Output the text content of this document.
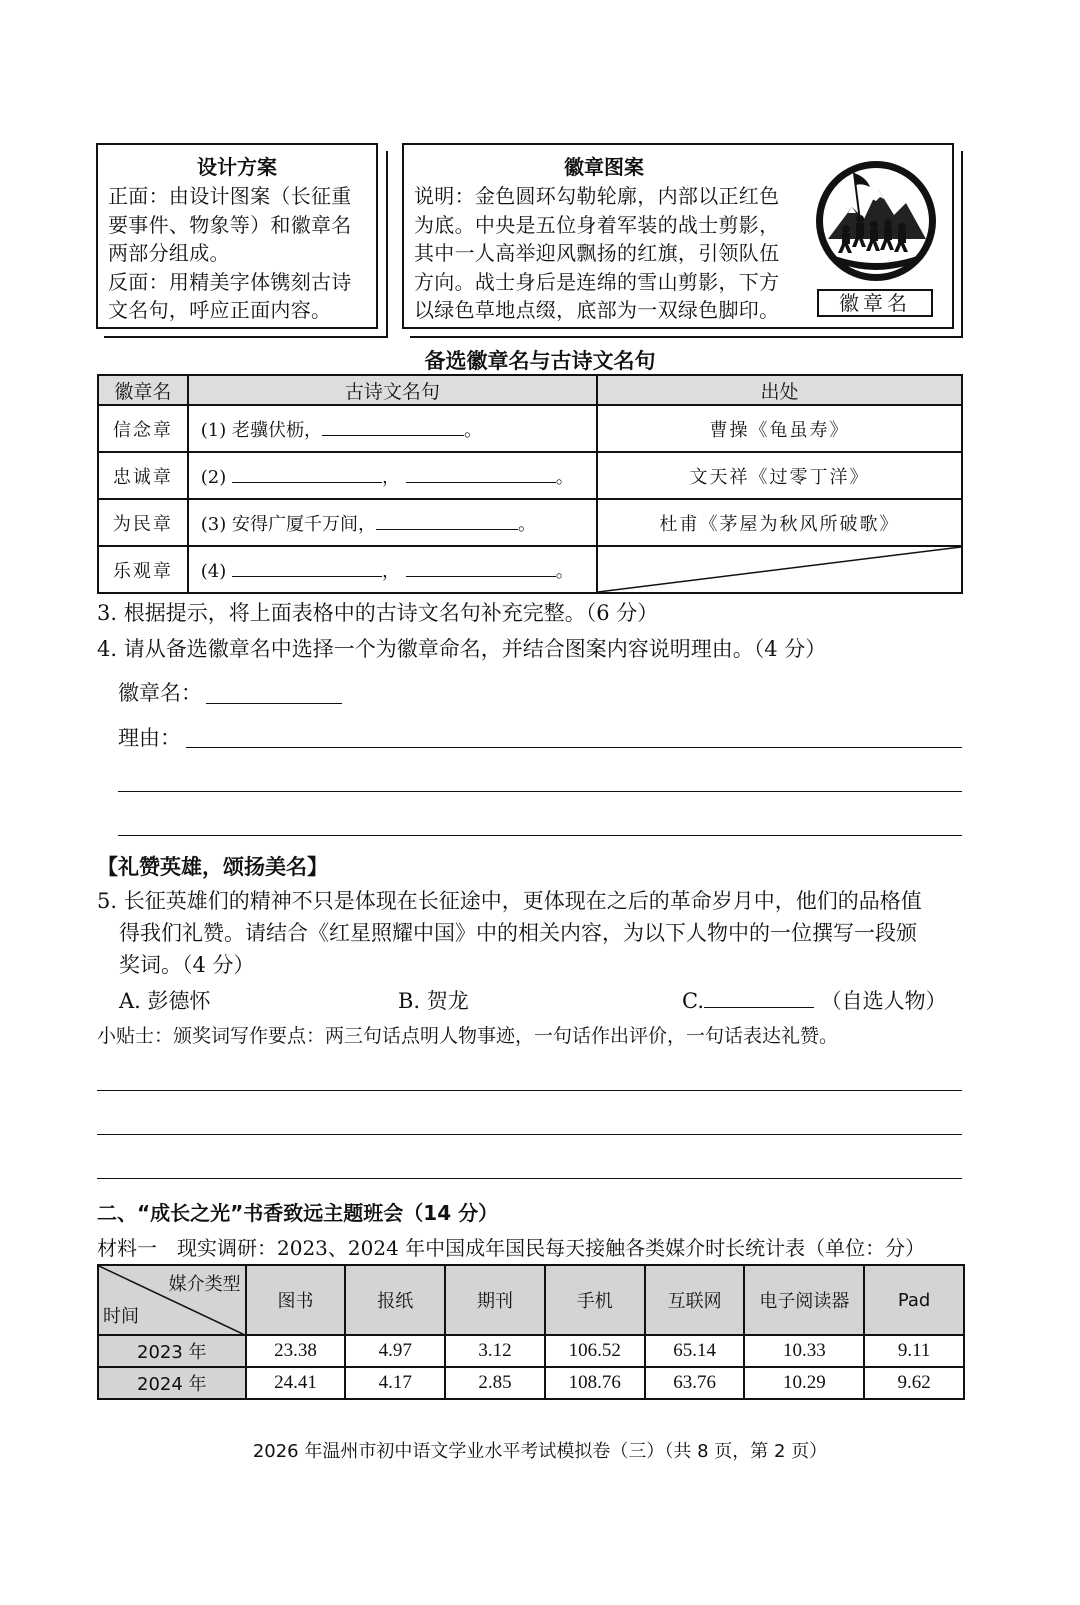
设计方案
正面：由设计图案（长征重
要事件、物象等）和徽章名
两部分组成。
反面：用精美字体镌刻古诗
文名句，呼应正面内容。
徽章图案
说明：金色圆环勾勒轮廓，内部以正红色
为底。中央是五位身着军装的战士剪影，
其中一人高举迎风飘扬的红旗，引领队伍
方向。战士身后是连绵的雪山剪影，下方
以绿色草地点缀，底部为一双绿色脚印。	徽章名
备选徽章名与古诗文名句
徽章名	古诗文名句	出处
信念章	(1) 老骥伏枥， 。	曹操《龟虽寿》
忠诚章	(2) ， 。	文天祥《过零丁洋》
为民章	(3) 安得广厦千万间， 。	杜甫《茅屋为秋风所破歌》
乐观章	(4) ， 。	
3. 根据提示，将上面表格中的古诗文名句补充完整。（6 分）
4. 请从备选徽章名中选择一个为徽章命名，并结合图案内容说明理由。（4 分）
徽章名：
理由：
【礼赞英雄，颂扬美名】
5. 长征英雄们的精神不只是体现在长征途中，更体现在之后的革命岁月中，他们的品格值
得我们礼赞。请结合《红星照耀中国》中的相关内容，为以下人物中的一位撰写一段颁
奖词。（4 分）
A. 彭德怀	B. 贺龙	C.	（自选人物）
小贴士：颁奖词写作要点：两三句话点明人物事迹，一句话作出评价，一句话表达礼赞。
二、“成长之光”书香致远主题班会（14 分）
材料一　现实调研：2023、2024 年中国成年国民每天接触各类媒介时长统计表（单位：分）
媒介类型
时间	图书	报纸	期刊	手机	互联网	电子阅读器	Pad
2023 年	23.38	4.97	3.12	106.52	65.14	10.33	9.11
2024 年	24.41	4.17	2.85	108.76	63.76	10.29	9.62
2026 年温州市初中语文学业水平考试模拟卷（三）（共 8 页，第 2 页）
